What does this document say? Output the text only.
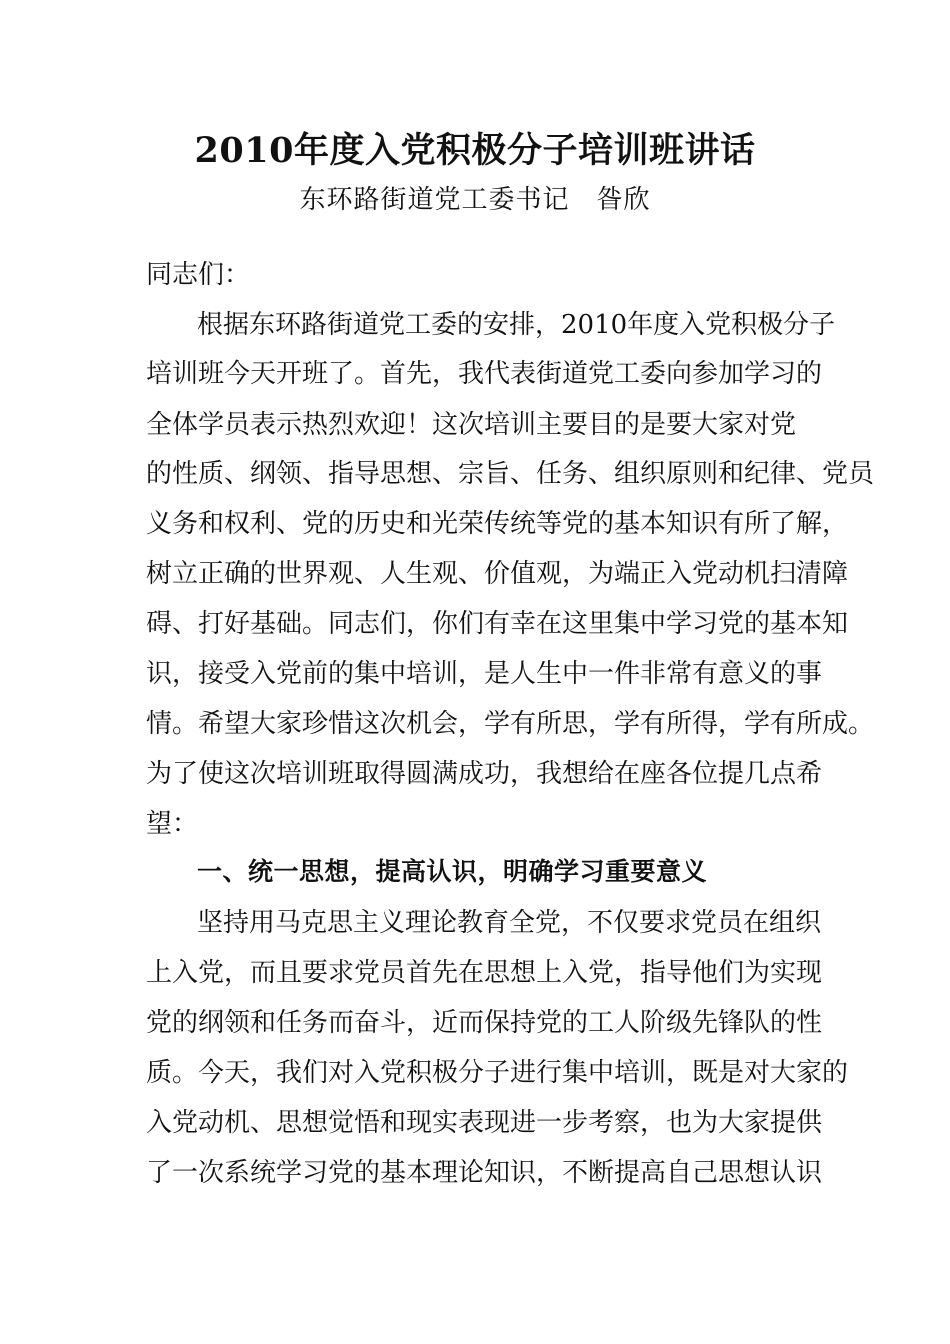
2010年度入党积极分子培训班讲话
东环路街道党工委书记　昝欣
同志们：
根据东环路街道党工委的安排，2010年度入党积极分子
培训班今天开班了。首先，我代表街道党工委向参加学习的
全体学员表示热烈欢迎！这次培训主要目的是要大家对党
的性质、纲领、指导思想、宗旨、任务、组织原则和纪律、党员
义务和权利、党的历史和光荣传统等党的基本知识有所了解，
树立正确的世界观、人生观、价值观，为端正入党动机扫清障
碍、打好基础。同志们，你们有幸在这里集中学习党的基本知
识，接受入党前的集中培训，是人生中一件非常有意义的事
情。希望大家珍惜这次机会，学有所思，学有所得，学有所成。
为了使这次培训班取得圆满成功，我想给在座各位提几点希
望：
一、统一思想，提高认识，明确学习重要意义
坚持用马克思主义理论教育全党，不仅要求党员在组织
上入党，而且要求党员首先在思想上入党，指导他们为实现
党的纲领和任务而奋斗，近而保持党的工人阶级先锋队的性
质。今天，我们对入党积极分子进行集中培训，既是对大家的
入党动机、思想觉悟和现实表现进一步考察，也为大家提供
了一次系统学习党的基本理论知识，不断提高自己思想认识
